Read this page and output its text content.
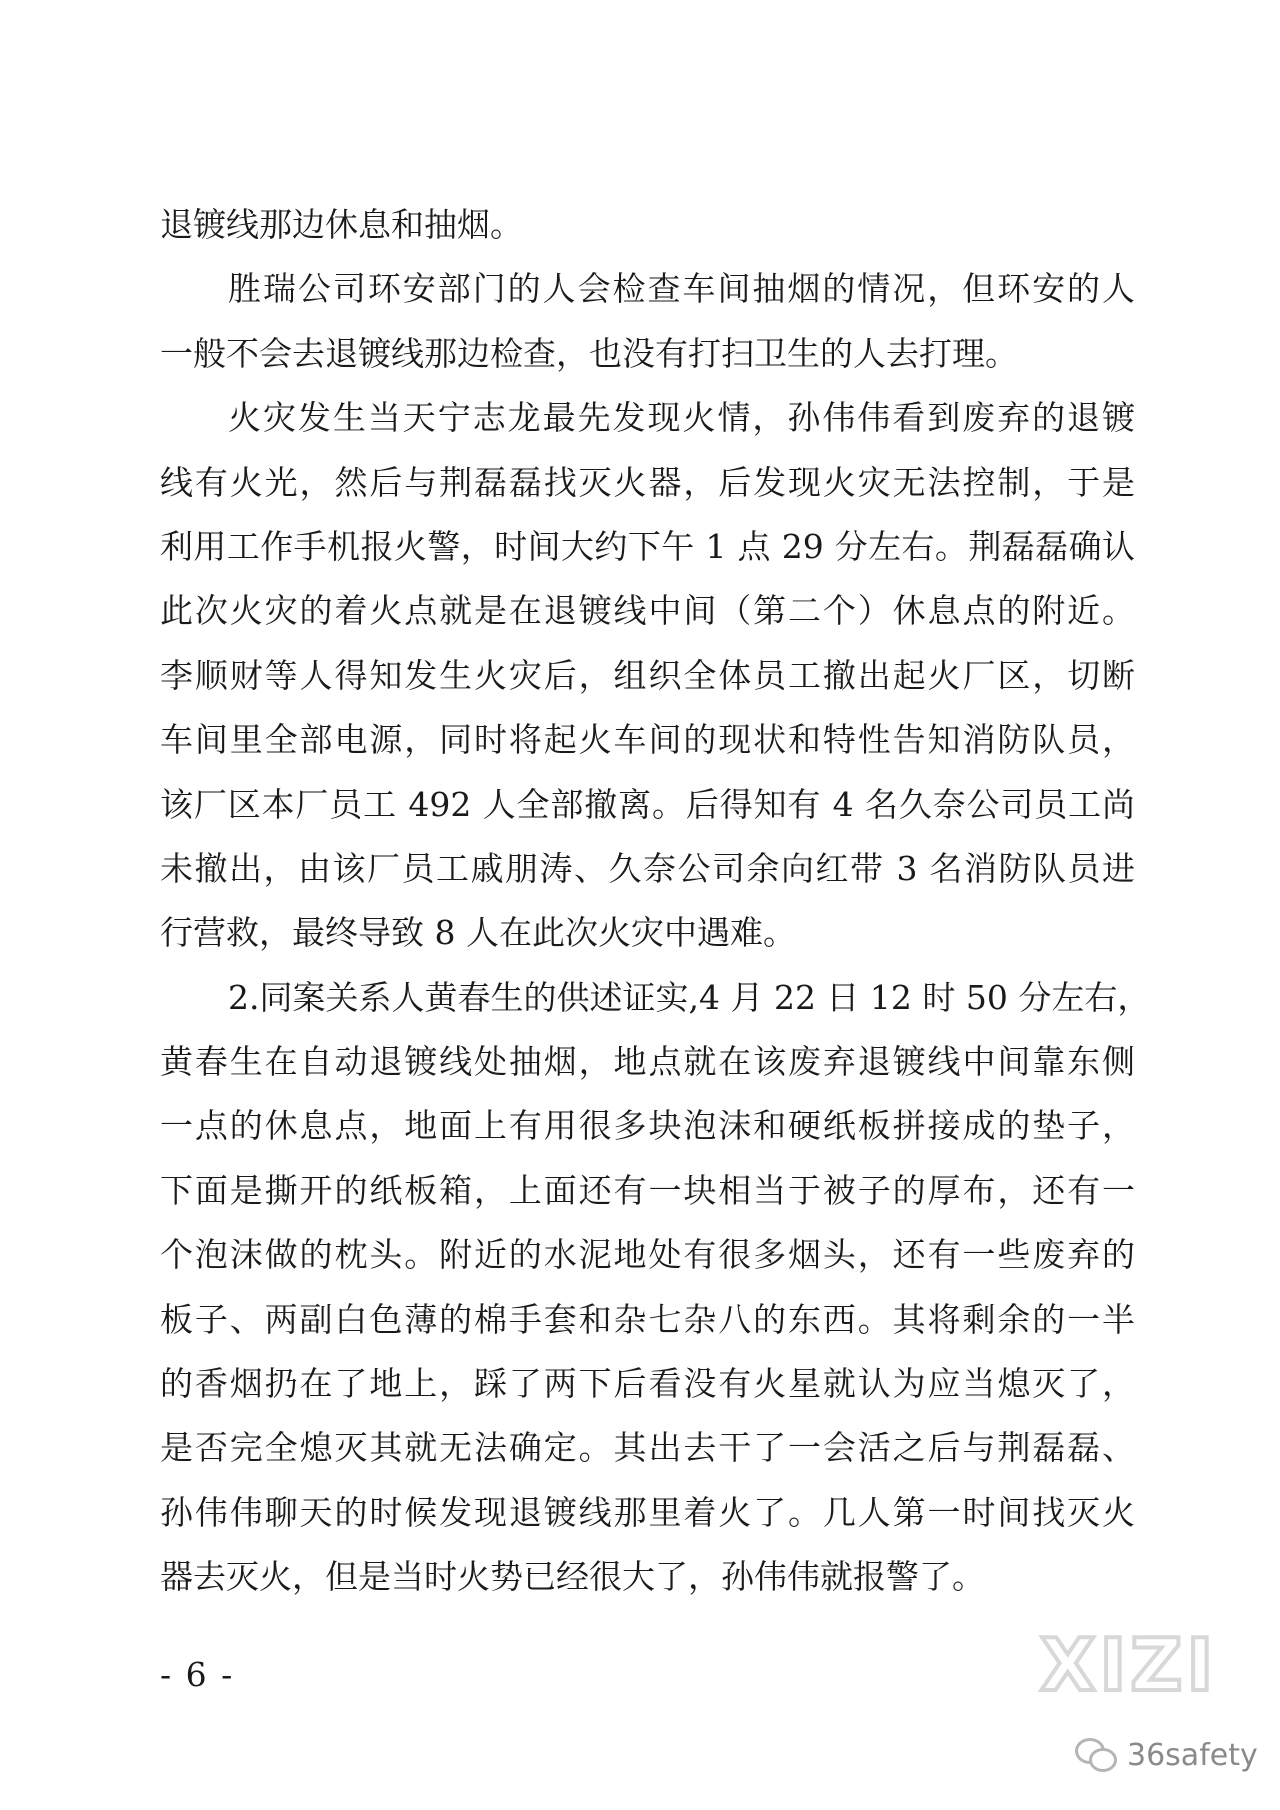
退镀线那边休息和抽烟。
胜瑞公司环安部门的人会检查车间抽烟的情况，但环安的人
一般不会去退镀线那边检查，也没有打扫卫生的人去打理。
火灾发生当天宁志龙最先发现火情，孙伟伟看到废弃的退镀
线有火光，然后与荆磊磊找灭火器，后发现火灾无法控制，于是
利用工作手机报火警，时间大约下午 1 点 29 分左右。荆磊磊确认
此次火灾的着火点就是在退镀线中间（第二个）休息点的附近。
李顺财等人得知发生火灾后，组织全体员工撤出起火厂区，切断
车间里全部电源，同时将起火车间的现状和特性告知消防队员，
该厂区本厂员工 492 人全部撤离。后得知有 4 名久奈公司员工尚
未撤出，由该厂员工戚朋涛、久奈公司余向红带 3 名消防队员进
行营救，最终导致 8 人在此次火灾中遇难。
2.同案关系人黄春生的供述证实,4 月 22 日 12 时 50 分左右，
黄春生在自动退镀线处抽烟，地点就在该废弃退镀线中间靠东侧
一点的休息点，地面上有用很多块泡沫和硬纸板拼接成的垫子，
下面是撕开的纸板箱，上面还有一块相当于被子的厚布，还有一
个泡沫做的枕头。附近的水泥地处有很多烟头，还有一些废弃的
板子、两副白色薄的棉手套和杂七杂八的东西。其将剩余的一半
的香烟扔在了地上，踩了两下后看没有火星就认为应当熄灭了，
是否完全熄灭其就无法确定。其出去干了一会活之后与荆磊磊、
孙伟伟聊天的时候发现退镀线那里着火了。几人第一时间找灭火
器去灭火，但是当时火势已经很大了，孙伟伟就报警了。
- 6 -	XIZI
36safety
